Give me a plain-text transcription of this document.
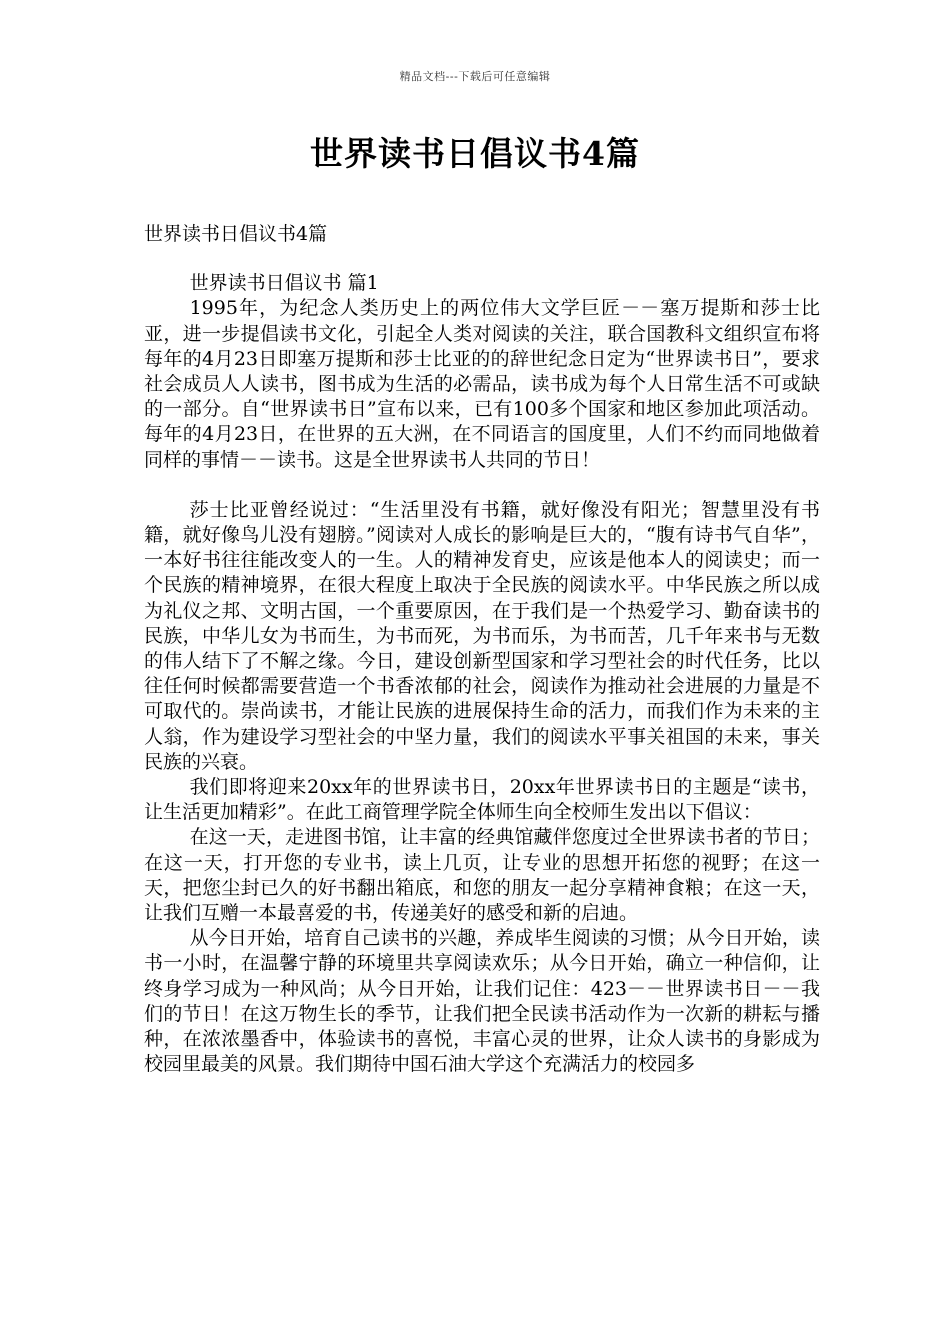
精品文档---下载后可任意编辑
世界读书日倡议书4篇

世界读书日倡议书4篇

世界读书日倡议书 篇1

1995年，为纪念人类历史上的两位伟大文学巨匠－－塞万提斯和莎士比亚，进一步提倡读书文化，引起全人类对阅读的关注，联合国教科文组织宣布将每年的4月23日即塞万提斯和莎士比亚的的辞世纪念日定为“世界读书日”，要求社会成员人人读书，图书成为生活的必需品，读书成为每个人日常生活不可或缺的一部分。自“世界读书日”宣布以来，已有100多个国家和地区参加此项活动。每年的4月23日，在世界的五大洲，在不同语言的国度里，人们不约而同地做着同样的事情－－读书。这是全世界读书人共同的节日！

莎士比亚曾经说过：“生活里没有书籍，就好像没有阳光；智慧里没有书籍，就好像鸟儿没有翅膀。”阅读对人成长的影响是巨大的，“腹有诗书气自华”，一本好书往往能改变人的一生。人的精神发育史，应该是他本人的阅读史；而一个民族的精神境界，在很大程度上取决于全民族的阅读水平。中华民族之所以成为礼仪之邦、文明古国，一个重要原因，在于我们是一个热爱学习、勤奋读书的民族，中华儿女为书而生，为书而死，为书而乐，为书而苦，几千年来书与无数的伟人结下了不解之缘。今日，建设创新型国家和学习型社会的时代任务，比以往任何时候都需要营造一个书香浓郁的社会，阅读作为推动社会进展的力量是不可取代的。崇尚读书，才能让民族的进展保持生命的活力，而我们作为未来的主人翁，作为建设学习型社会的中坚力量，我们的阅读水平事关祖国的未来，事关民族的兴衰。

我们即将迎来20xx年的世界读书日，20xx年世界读书日的主题是“读书，让生活更加精彩”。在此工商管理学院全体师生向全校师生发出以下倡议：

在这一天，走进图书馆，让丰富的经典馆藏伴您度过全世界读书者的节日；在这一天，打开您的专业书，读上几页，让专业的思想开拓您的视野；在这一天，把您尘封已久的好书翻出箱底，和您的朋友一起分享精神食粮；在这一天，让我们互赠一本最喜爱的书，传递美好的感受和新的启迪。

从今日开始，培育自己读书的兴趣，养成毕生阅读的习惯；从今日开始，读书一小时，在温馨宁静的环境里共享阅读欢乐；从今日开始，确立一种信仰，让终身学习成为一种风尚；从今日开始，让我们记住：423－－世界读书日－－我们的节日！在这万物生长的季节，让我们把全民读书活动作为一次新的耕耘与播种，在浓浓墨香中，体验读书的喜悦，丰富心灵的世界，让众人读书的身影成为校园里最美的风景。我们期待中国石油大学这个充满活力的校园多
